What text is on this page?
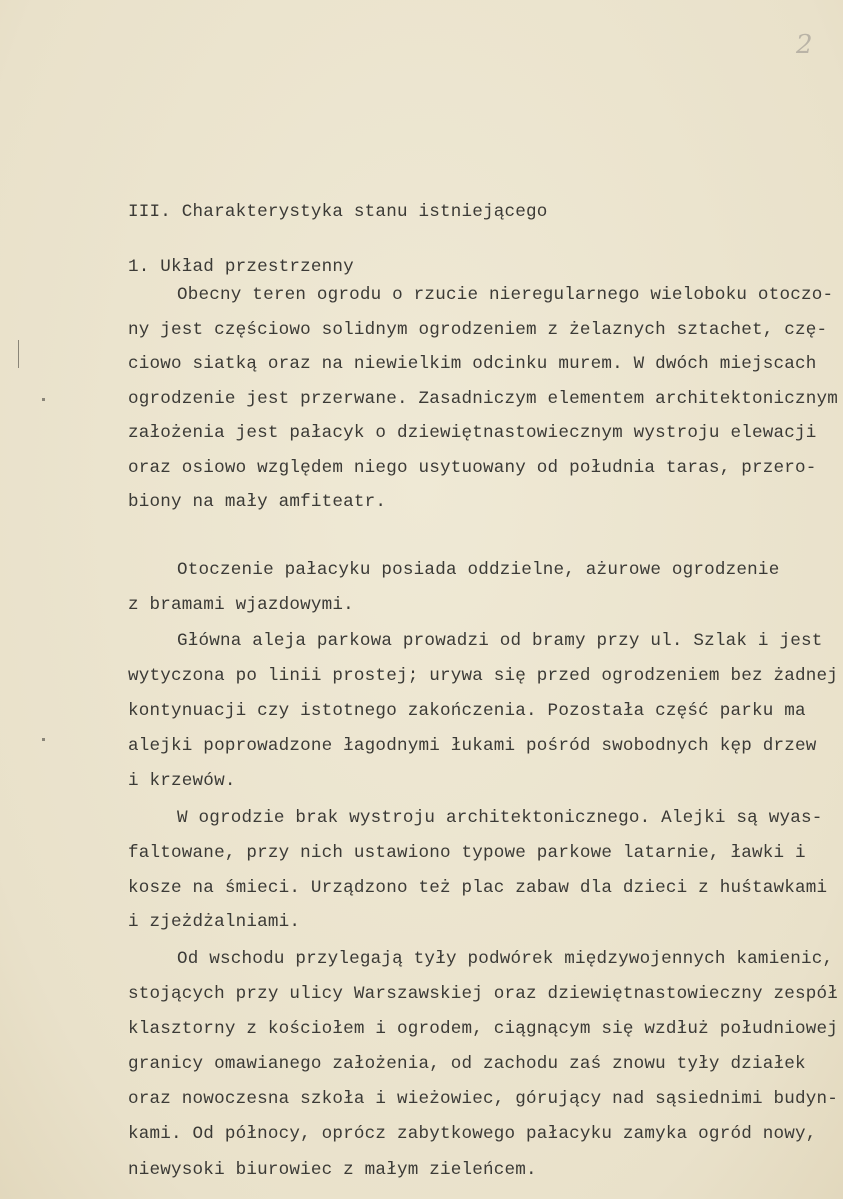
2
III. Charakterystyka stanu istniejącego
1. Układ przestrzenny
Obecny teren ogrodu o rzucie nieregularnego wieloboku otoczo-
ny jest częściowo solidnym ogrodzeniem z żelaznych sztachet, czę-
ciowo siatką oraz na niewielkim odcinku murem. W dwóch miejscach
ogrodzenie jest przerwane. Zasadniczym elementem architektonicznym
założenia jest pałacyk o dziewiętnastowiecznym wystroju elewacji
oraz osiowo względem niego usytuowany od południa taras, przero-
biony na mały amfiteatr.
Otoczenie pałacyku posiada oddzielne, ażurowe ogrodzenie
z bramami wjazdowymi.
Główna aleja parkowa prowadzi od bramy przy ul. Szlak i jest
wytyczona po linii prostej; urywa się przed ogrodzeniem bez żadnej
kontynuacji czy istotnego zakończenia. Pozostała część parku ma
alejki poprowadzone łagodnymi łukami pośród swobodnych kęp drzew
i krzewów.
W ogrodzie brak wystroju architektonicznego. Alejki są wyas-
faltowane, przy nich ustawiono typowe parkowe latarnie, ławki i
kosze na śmieci. Urządzono też plac zabaw dla dzieci z huśtawkami
i zjeżdżalniami.
Od wschodu przylegają tyły podwórek międzywojennych kamienic,
stojących przy ulicy Warszawskiej oraz dziewiętnastowieczny zespół
klasztorny z kościołem i ogrodem, ciągnącym się wzdłuż południowej
granicy omawianego założenia, od zachodu zaś znowu tyły działek
oraz nowoczesna szkoła i wieżowiec, górujący nad sąsiednimi budyn-
kami. Od północy, oprócz zabytkowego pałacyku zamyka ogród nowy,
niewysoki biurowiec z małym zieleńcem.
